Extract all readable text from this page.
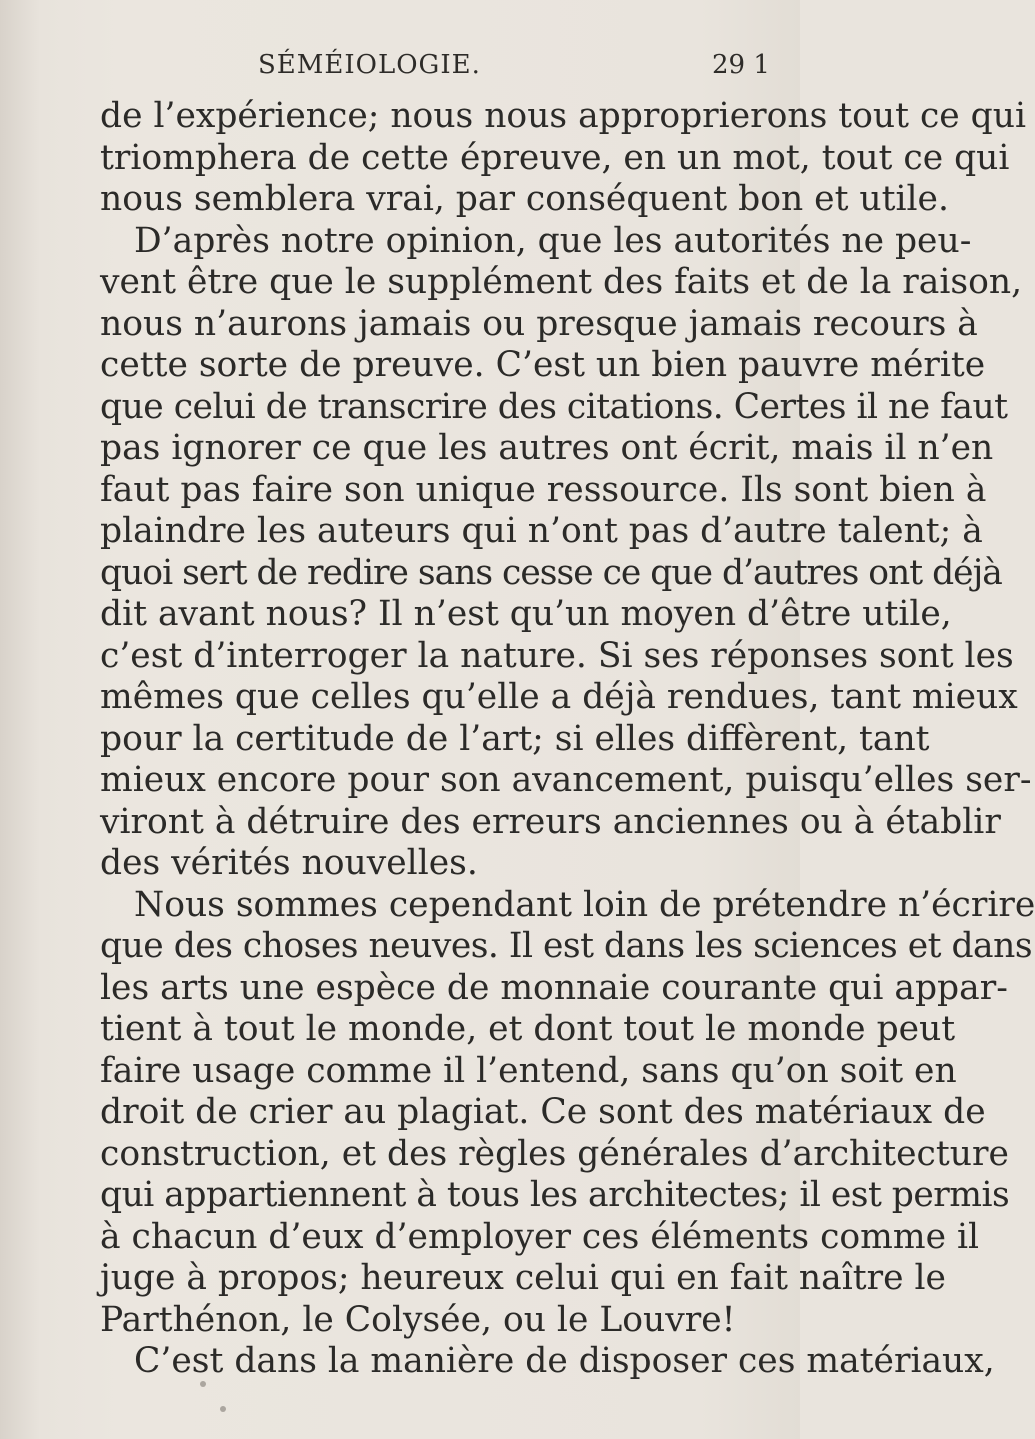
SÉMÉIOLOGIE.	29 1
de l’expérience; nous nous approprierons tout ce qui
triomphera de cette épreuve, en un mot, tout ce qui
nous semblera vrai, par conséquent bon et utile.
D’après notre opinion, que les autorités ne peu-
vent être que le supplément des faits et de la raison,
nous n’aurons jamais ou presque jamais recours à
cette sorte de preuve. C’est un bien pauvre mérite
que celui de transcrire des citations. Certes il ne faut
pas ignorer ce que les autres ont écrit, mais il n’en
faut pas faire son unique ressource. Ils sont bien à
plaindre les auteurs qui n’ont pas d’autre talent; à
quoi sert de redire sans cesse ce que d’autres ont déjà
dit avant nous? Il n’est qu’un moyen d’être utile,
c’est d’interroger la nature. Si ses réponses sont les
mêmes que celles qu’elle a déjà rendues, tant mieux
pour la certitude de l’art; si elles diffèrent, tant
mieux encore pour son avancement, puisqu’elles ser-
viront à détruire des erreurs anciennes ou à établir
des vérités nouvelles.
Nous sommes cependant loin de prétendre n’écrire
que des choses neuves. Il est dans les sciences et dans
les arts une espèce de monnaie courante qui appar-
tient à tout le monde, et dont tout le monde peut
faire usage comme il l’entend, sans qu’on soit en
droit de crier au plagiat. Ce sont des matériaux de
construction, et des règles générales d’architecture
qui appartiennent à tous les architectes; il est permis
à chacun d’eux d’employer ces éléments comme il
juge à propos; heureux celui qui en fait naître le
Parthénon, le Colysée, ou le Louvre!
C’est dans la manière de disposer ces matériaux,
